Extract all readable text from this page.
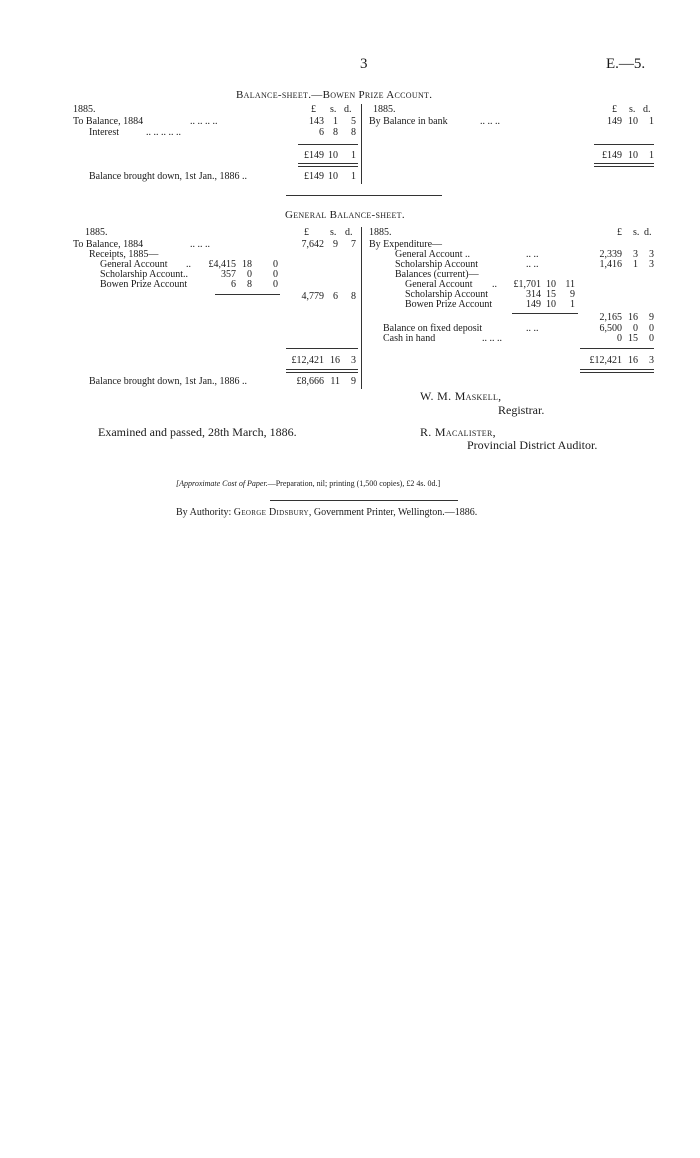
3	E.—5.
Balance-sheet.—Bowen Prize Account.
1885.	£ s. d.
To Balance, 1884	.. .. .. ..	143 1	5
Interest	.. .. .. .. ..	6 8	8
£149 10	1
Balance brought down, 1st Jan., 1886 ..	£149 10	1
1885.	£ s. d.
By Balance in bank	.. .. ..	149 10	1
£149 10	1
General Balance-sheet.
1885.	£ s. d.
To Balance, 1884	.. .. ..	7,642 9	7
Receipts, 1885—
General Account ..	£4,415 18	0
Scholarship Account..	357	0	0
Bowen Prize Account	6	8	0
4,779 6	8
£12,421 16	3
Balance brought down, 1st Jan., 1886 ..	£8,666 11	9
1885.	£ s. d.
By Expenditure—
General Account ..	.. ..	2,339	3	3
Scholarship Account	.. ..	1,416	1	3
Balances (current)—
General Account ..	£1,701 10 11
Scholarship Account	314 15	9
Bowen Prize Account	149 10	1
2,165 16	9
Balance on fixed deposit	.. ..	6,500	0	0
Cash in hand	.. .. ..	0 15	0
£12,421 16	3
W. M. Maskell,
Registrar.
Examined and passed, 28th March, 1886.	R. Macalister,
Provincial District Auditor.
[Approximate Cost of Paper.—Preparation, nil; printing (1,500 copies), £2 4s. 0d.]
By Authority: George Didsbury, Government Printer, Wellington.—1886.
